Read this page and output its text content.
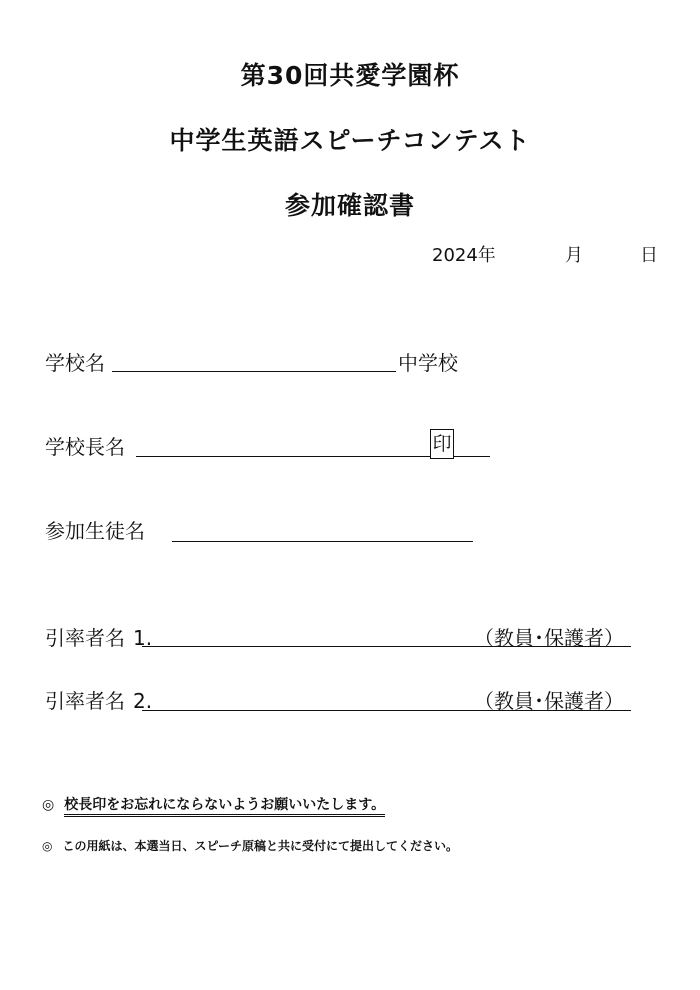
第30回共愛学園杯
中学生英語スピーチコンテスト
参加確認書
2024年	月	日
学校名	中学校
学校長名	印
参加生徒名
引率者名 1.	（教員･保護者）
引率者名 2.	（教員･保護者）
◎ 校長印をお忘れにならないようお願いいたします。
◎ この用紙は、本選当日、スピーチ原稿と共に受付にて提出してください。
